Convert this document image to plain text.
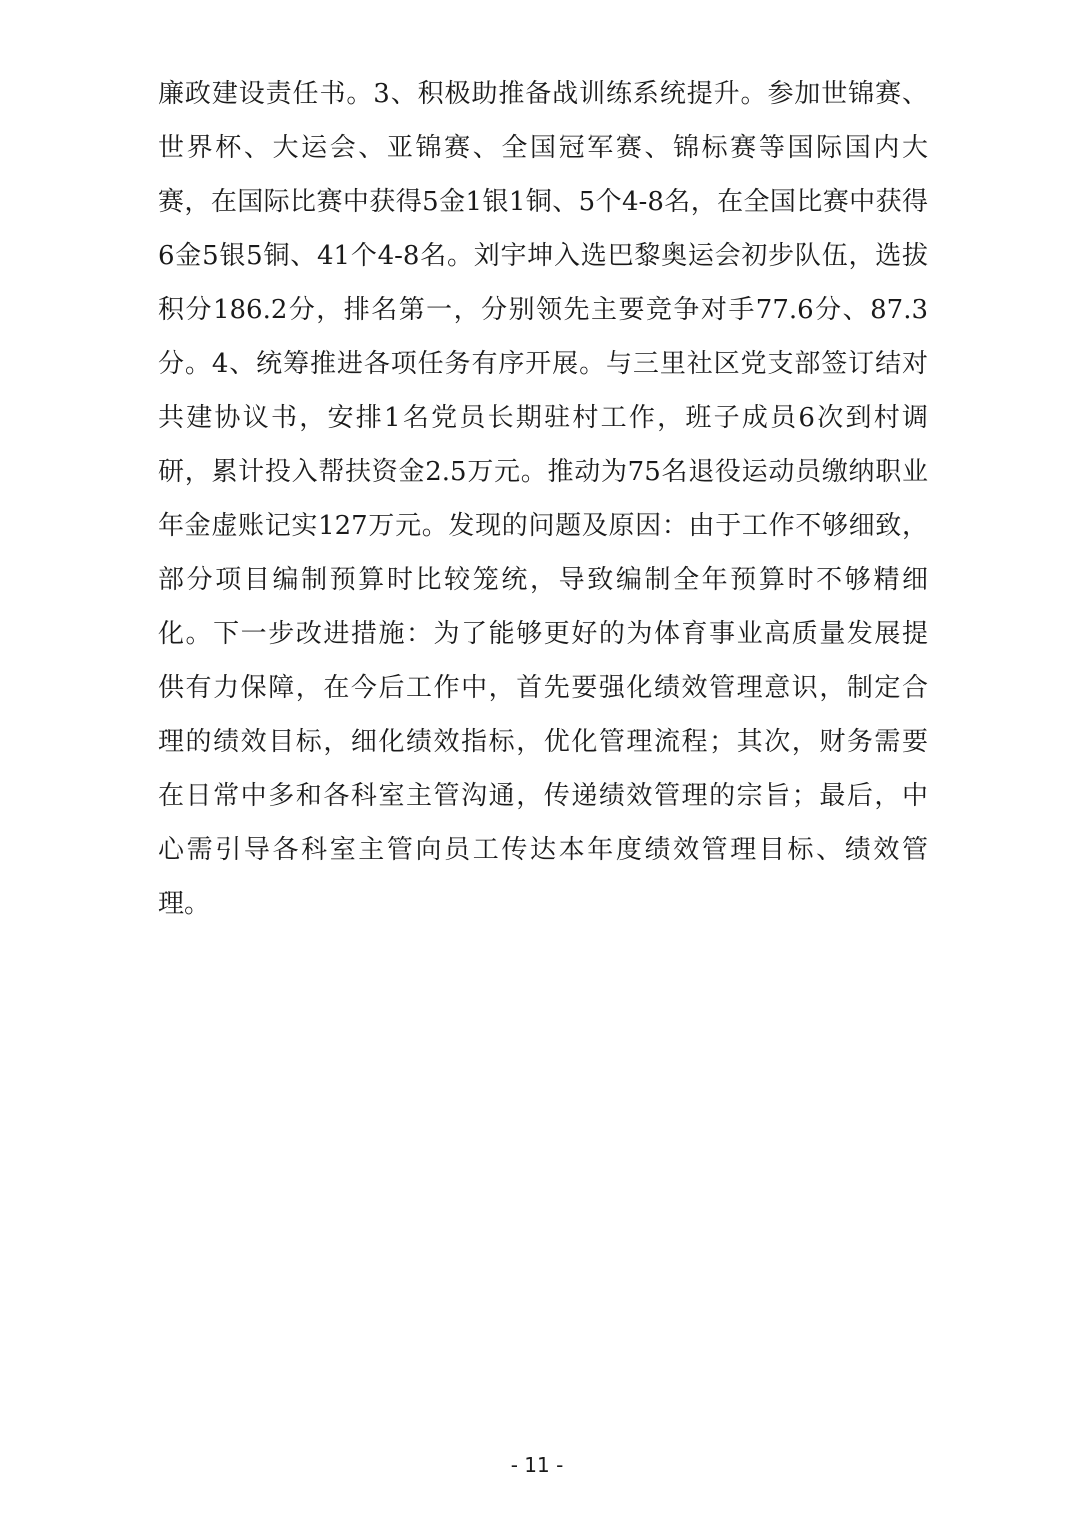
廉政建设责任书。3、积极助推备战训练系统提升。参加世锦赛、
世界杯、大运会、亚锦赛、全国冠军赛、锦标赛等国际国内大
赛，在国际比赛中获得5金1银1铜、5个4-8名，在全国比赛中获得
6金5银5铜、41个4-8名。刘宇坤入选巴黎奥运会初步队伍，选拔
积分186.2分，排名第一，分别领先主要竞争对手77.6分、87.3
分。4、统筹推进各项任务有序开展。与三里社区党支部签订结对
共建协议书，安排1名党员长期驻村工作，班子成员6次到村调
研，累计投入帮扶资金2.5万元。推动为75名退役运动员缴纳职业
年金虚账记实127万元。发现的问题及原因：由于工作不够细致，
部分项目编制预算时比较笼统，导致编制全年预算时不够精细
化。下一步改进措施：为了能够更好的为体育事业高质量发展提
供有力保障，在今后工作中，首先要强化绩效管理意识，制定合
理的绩效目标，细化绩效指标，优化管理流程；其次，财务需要
在日常中多和各科室主管沟通，传递绩效管理的宗旨；最后，中
心需引导各科室主管向员工传达本年度绩效管理目标、绩效管
理。
- 11 -
